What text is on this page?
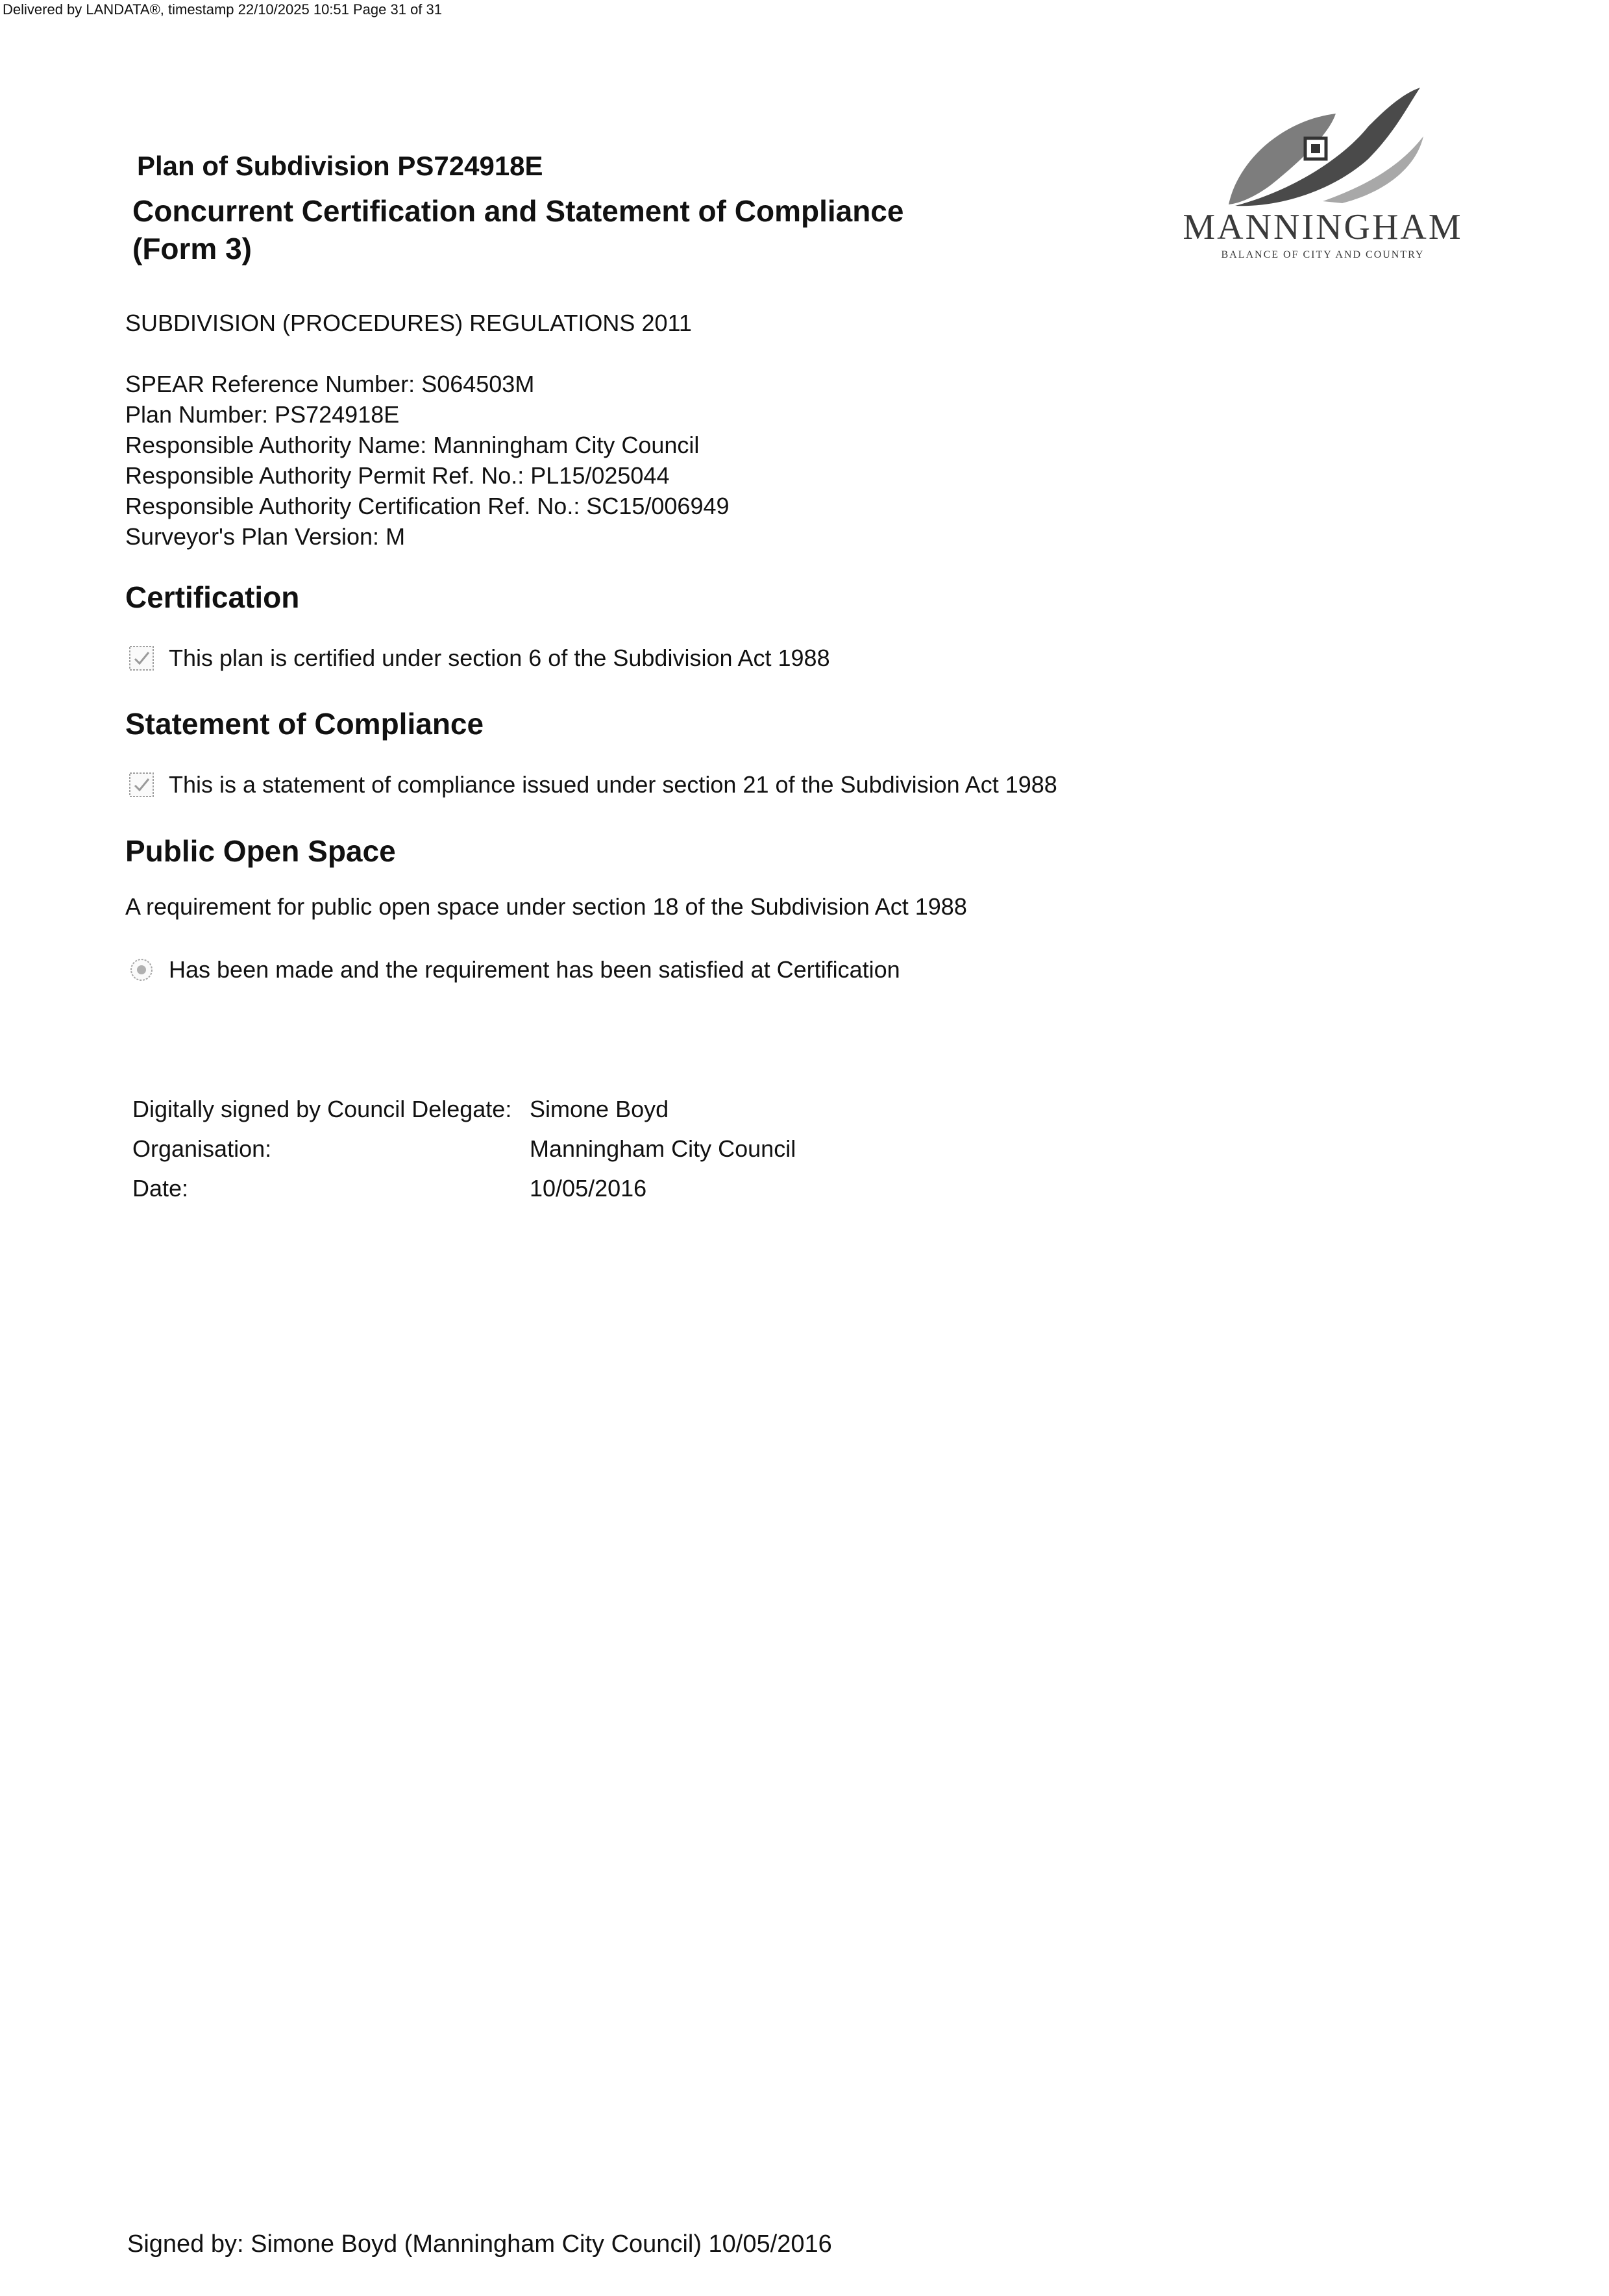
Delivered by LANDATA®, timestamp 22/10/2025 10:51 Page 31 of 31
Plan of Subdivision PS724918E
Concurrent Certification and Statement of Compliance
(Form 3)
MANNINGHAM
BALANCE OF CITY AND COUNTRY
SUBDIVISION (PROCEDURES) REGULATIONS 2011
SPEAR Reference Number: S064503M
Plan Number: PS724918E
Responsible Authority Name: Manningham City Council
Responsible Authority Permit Ref. No.: PL15/025044
Responsible Authority Certification Ref. No.: SC15/006949
Surveyor's Plan Version: M
Certification
This plan is certified under section 6 of the Subdivision Act 1988
Statement of Compliance
This is a statement of compliance issued under section 21 of the Subdivision Act 1988
Public Open Space
A requirement for public open space under section 18 of the Subdivision Act 1988
Has been made and the requirement has been satisfied at Certification
Digitally signed by Council Delegate: Simone Boyd
Organisation:	Manningham City Council
Date:	10/05/2016
Signed by: Simone Boyd (Manningham City Council) 10/05/2016
